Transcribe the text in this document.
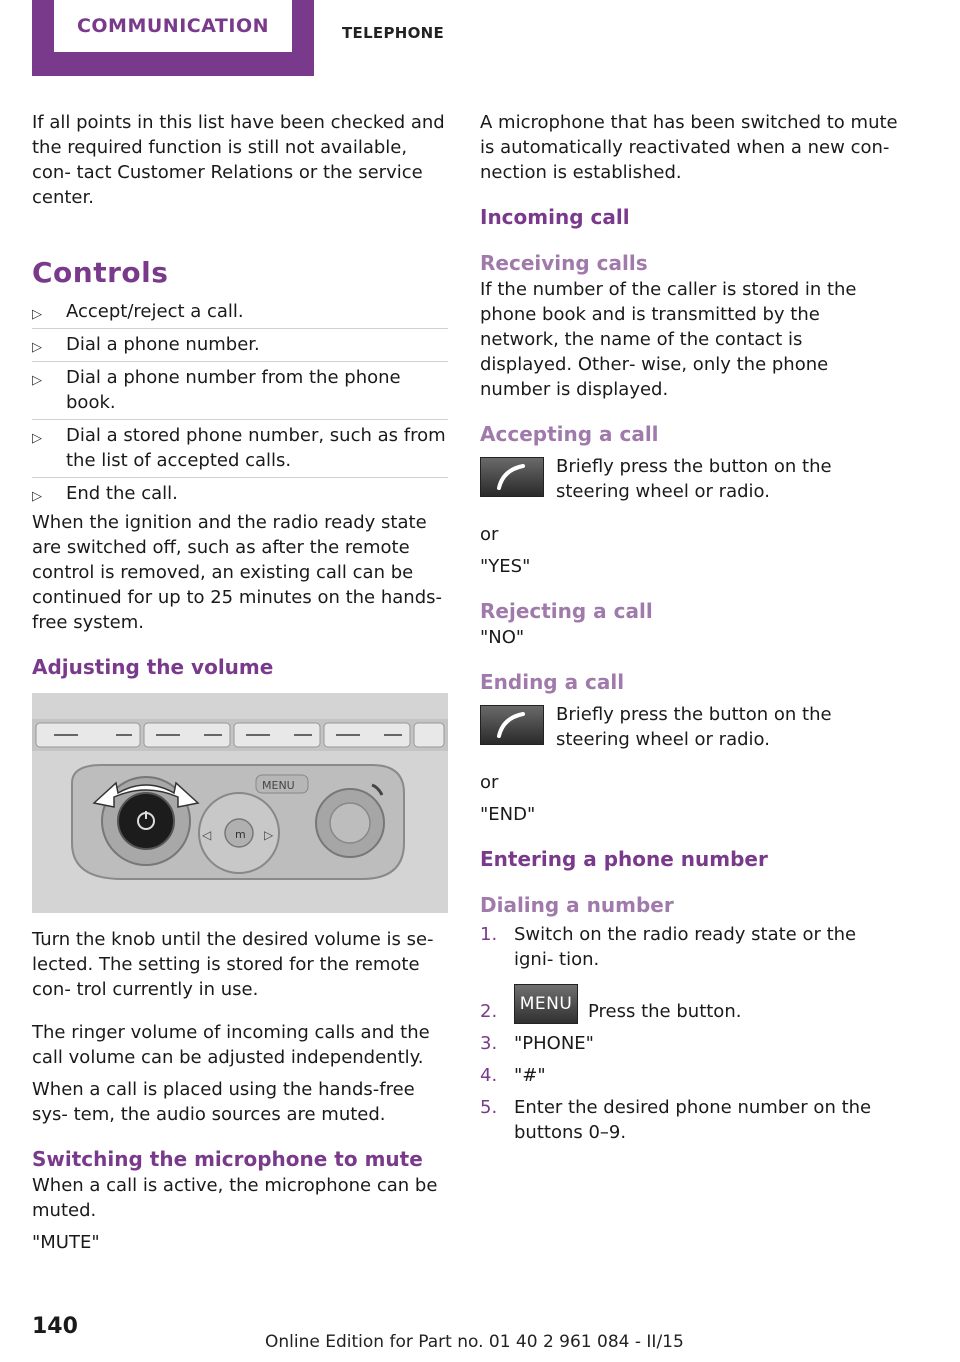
COMMUNICATION	TELEPHONE

If all points in this list have been checked and the required function is still not available, con‐ tact Customer Relations or the service center.

Controls
▷ Accept/reject a call.
▷ Dial a phone number.
▷ Dial a phone number from the phone book.
▷ Dial a stored phone number, such as from the list of accepted calls.
▷ End the call.

When the ignition and the radio ready state are switched off, such as after the remote control is removed, an existing call can be continued for up to 25 minutes on the hands-free system.

Adjusting the volume
m
◁	▷
MENU

Turn the knob until the desired volume is se‐ lected. The setting is stored for the remote con‐ trol currently in use.

The ringer volume of incoming calls and the call volume can be adjusted independently.

When a call is placed using the hands-free sys‐ tem, the audio sources are muted.

Switching the microphone to mute

When a call is active, the microphone can be muted.

"MUTE"

A microphone that has been switched to mute is automatically reactivated when a new con‐ nection is established.

Incoming call
Receiving calls

If the number of the caller is stored in the phone book and is transmitted by the network, the name of the contact is displayed. Other‐ wise, only the phone number is displayed.

Accepting a call

Briefly press the button on the steering wheel or radio.

or

"YES"

Rejecting a call

"NO"

Ending a call

Briefly press the button on the steering wheel or radio.

or

"END"

Entering a phone number
Dialing a number
1. Switch on the radio ready state or the igni‐ tion.
2.	MENU Press the button.
3. "PHONE"
4. "#"
5. Enter the desired phone number on the buttons 0–9.
140
Online Edition for Part no. 01 40 2 961 084 - II/15
